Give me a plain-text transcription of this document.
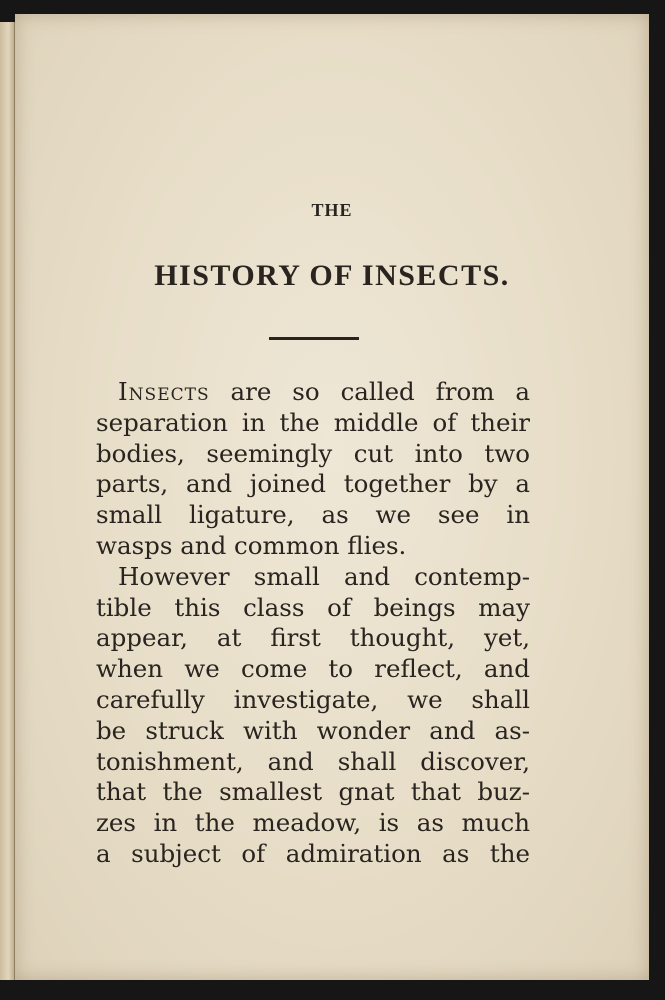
THE
HISTORY OF INSECTS.

Insects are so called from a
separation in the middle of their
bodies, seemingly cut into two
parts, and joined together by a
small ligature, as we see in
wasps and common flies.

However small and contemp-
tible this class of beings may
appear, at first thought, yet,
when we come to reflect, and
carefully investigate, we shall
be struck with wonder and as-
tonishment, and shall discover,
that the smallest gnat that buz-
zes in the meadow, is as much
a subject of admiration as the
